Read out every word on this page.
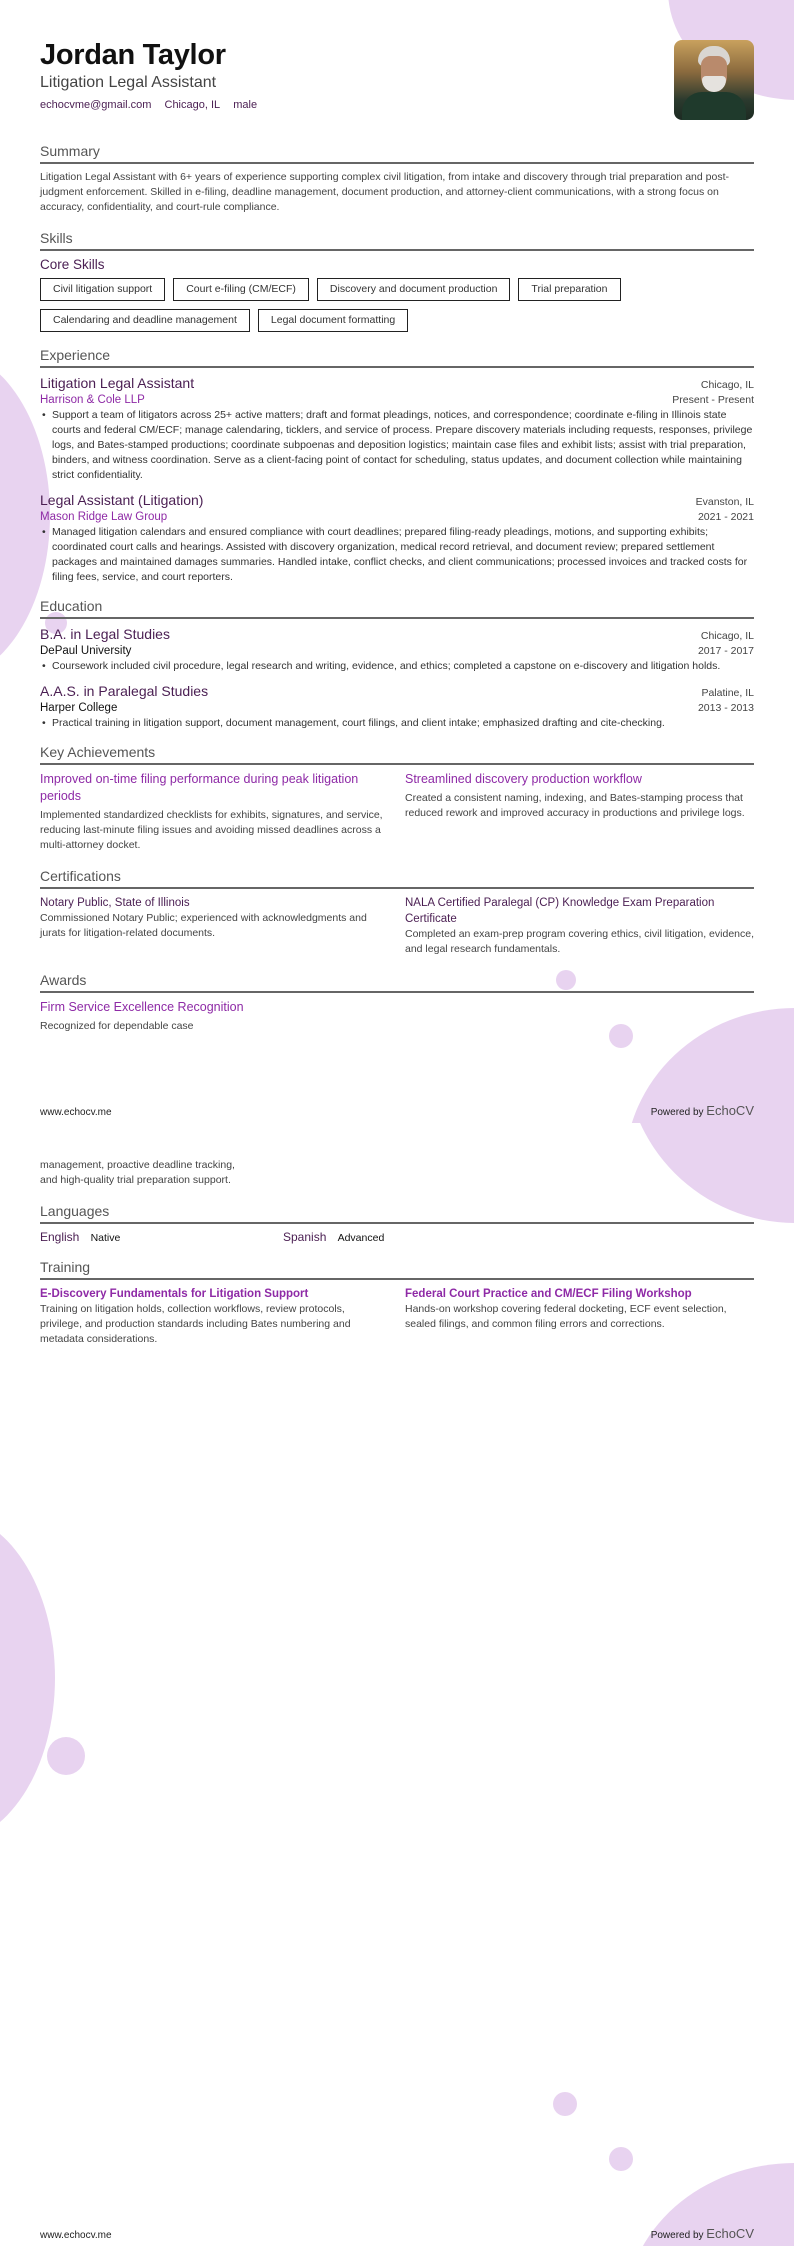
Jordan Taylor
Litigation Legal Assistant
echocvme@gmail.com Chicago, IL male
Summary
Litigation Legal Assistant with 6+ years of experience supporting complex civil litigation, from intake and discovery through trial preparation and post-judgment enforcement. Skilled in e-filing, deadline management, document production, and attorney-client communications, with a strong focus on accuracy, confidentiality, and court-rule compliance.
Skills
Core Skills
Civil litigation support	Court e-filing (CM/ECF)	Discovery and document production	Trial preparation
Calendaring and deadline management	Legal document formatting
Experience
Litigation Legal Assistant	Chicago, IL
Harrison & Cole LLP	Present - Present
• Support a team of litigators across 25+ active matters; draft and format pleadings, notices, and correspondence; coordinate e-filing in Illinois state courts and federal CM/ECF; manage calendaring, ticklers, and service of process. Prepare discovery materials including requests, responses, privilege logs, and Bates-stamped productions; coordinate subpoenas and deposition logistics; maintain case files and exhibit lists; assist with trial preparation, binders, and witness coordination. Serve as a client-facing point of contact for scheduling, status updates, and document collection while maintaining strict confidentiality.
Legal Assistant (Litigation)	Evanston, IL
Mason Ridge Law Group	2021 - 2021
• Managed litigation calendars and ensured compliance with court deadlines; prepared filing-ready pleadings, motions, and supporting exhibits; coordinated court calls and hearings. Assisted with discovery organization, medical record retrieval, and document review; prepared settlement packages and maintained damages summaries. Handled intake, conflict checks, and client communications; processed invoices and tracked costs for filing fees, service, and court reporters.
Education
B.A. in Legal Studies	Chicago, IL
DePaul University	2017 - 2017
• Coursework included civil procedure, legal research and writing, evidence, and ethics; completed a capstone on e-discovery and litigation holds.
A.A.S. in Paralegal Studies	Palatine, IL
Harper College	2013 - 2013
• Practical training in litigation support, document management, court filings, and client intake; emphasized drafting and cite-checking.
Key Achievements
Improved on-time filing performance during peak litigation periods
Implemented standardized checklists for exhibits, signatures, and service, reducing last-minute filing issues and avoiding missed deadlines across a multi-attorney docket.
Streamlined discovery production workflow
Created a consistent naming, indexing, and Bates-stamping process that reduced rework and improved accuracy in productions and privilege logs.
Certifications
Notary Public, State of Illinois
Commissioned Notary Public; experienced with acknowledgments and jurats for litigation-related documents.
NALA Certified Paralegal (CP) Knowledge Exam Preparation Certificate
Completed an exam-prep program covering ethics, civil litigation, evidence, and legal research fundamentals.
Awards
Firm Service Excellence Recognition
Recognized for dependable case
www.echocv.me	Powered by EchoCV
management, proactive deadline tracking,
and high-quality trial preparation support.
Languages
English Native	Spanish Advanced
Training
E-Discovery Fundamentals for Litigation Support
Training on litigation holds, collection workflows, review protocols, privilege, and production standards including Bates numbering and metadata considerations.
Federal Court Practice and CM/ECF Filing Workshop
Hands-on workshop covering federal docketing, ECF event selection, sealed filings, and common filing errors and corrections.
www.echocv.me	Powered by EchoCV
